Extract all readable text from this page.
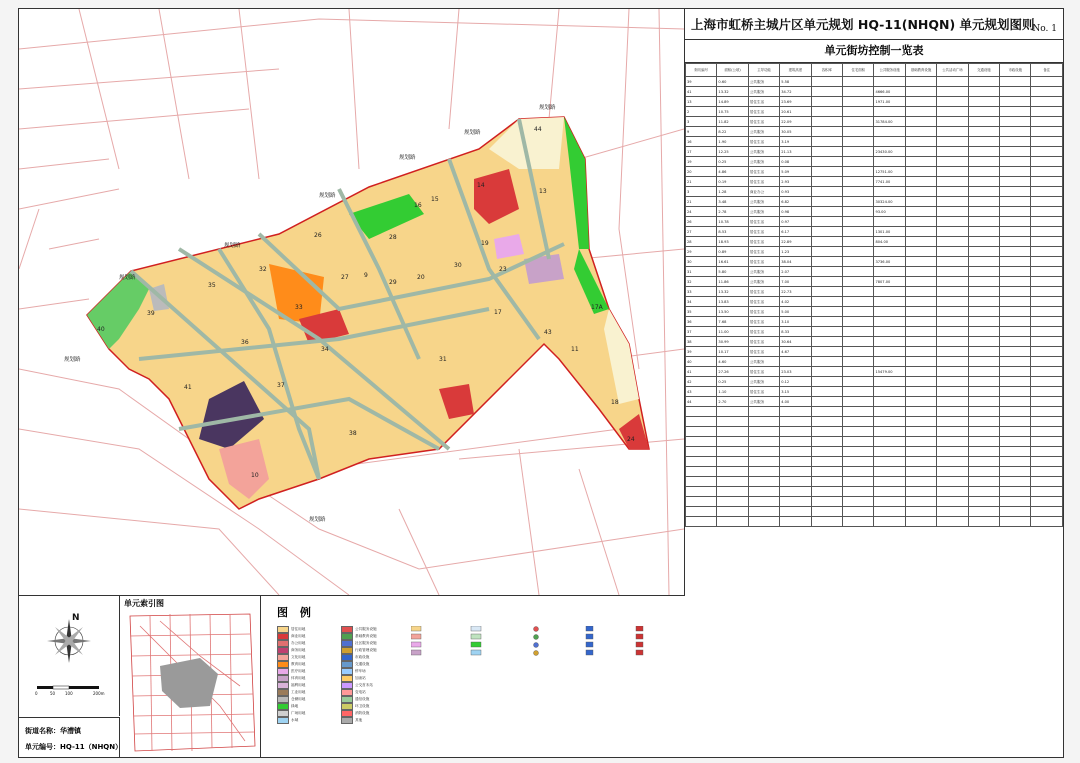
44
14
13
15
16
26
32
33
35
39
40
41
36
34
31
37
38
10
17
17A
28
27
29
30
19
11
18
20
43
23
9
24
规划路
规划路
规划路
规划路
规划路
规划路
规划路
规划路
上海市虹桥主城片区单元规划 HQ-11(NHQN) 单元规划图则
No. 1
单元街坊控制一览表
街坊编号	面积(公顷)	主导功能	建筑高度	容积率	住宅面积	公共服务设施	基础教育设施	公共活动广场	交通设施	市政设施	备注
39	0.60	公共服务	5.58								
41	13.32	公共服务	34.72			4666.00					
13	14.89	居住生活	23.69			1971.00					
2	10.75	居住生活	20.61								
3	11.82	居住生活	22.09			31784.00					
9	8.22	公共服务	30.05								
16	1.90	居住生活	3.19								
17	12.25	公共服务	21.13			23430.00					
19	0.25	公共服务	0.08								
20	4.86	居住生活	5.09			12751.00					
21	0.19	居住生活	2.93			7741.00					
3	1.28	商业办公	0.93								
21	3.48	公共服务	6.82			30324.00					
24	2.78	公共服务	0.98			93.00					
26	10.78	居住生活	0.97								
27	8.53	居住生活	6.17			1301.00					
28	18.93	居住生活	22.89			804.00					
29	0.89	居住生活	1.23								
30	16.61	居住生活	38.04			3736.00					
31	5.80	公共服务	2.07								
32	11.86	公共服务	7.00			7807.00					
33	13.32	居住生活	22.73								
34	13.83	居住生活	4.02								
35	13.50	居住生活	5.00								
36	7.68	居住生活	3.10								
37	11.00	居住生活	8.33								
38	30.99	居住生活	30.64								
39	10.17	居住生活	4.67								
40	4.60	公共服务									
41	27.26	居住生活	23.03			15479.00					
42	0.25	公共服务	0.12								
43	1.10	居住生活	3.15								
44	2.70	公共服务	4.00								

N
0	50 100	200m
街道名称：华漕镇
单元编号：HQ-11（NHQN）
单元索引图
图 例
居住用地
商业用地
办公用地
商务用地
文化用地
教育用地
医疗用地
体育用地
福利用地
工业用地
仓储用地
绿地
广场用地
水域
公共服务设施
基础教育设施
社区服务设施
行政管理设施
市政设施
交通设施
停车场
加油站
公交首末站
变电站
通信设施
环卫设施
消防设施
其他
